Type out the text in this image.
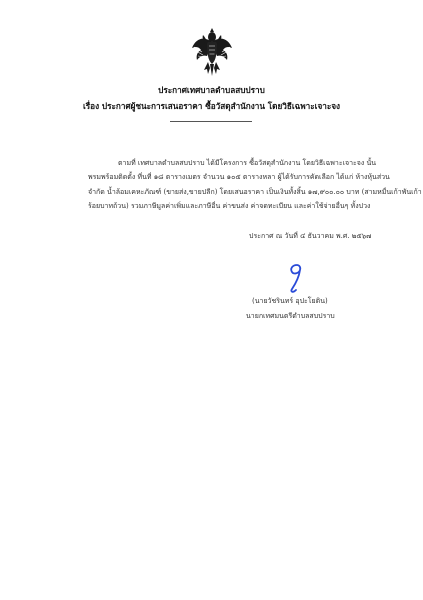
ประกาศเทศบาลตำบลสบปราบ
เรื่อง ประกาศผู้ชนะการเสนอราคา ซื้อวัสดุสำนักงาน โดยวิธีเฉพาะเจาะจง
ตามที่ เทศบาลตำบลสบปราบ ได้มีโครงการ ซื้อวัสดุสำนักงาน โดยวิธีเฉพาะเจาะจง นั้น
พรมพร้อมติดตั้ง ที่นที่ ๑๘ ตารางเมตร จำนวน ๑๐๕ ตารางหลา ผู้ได้รับการคัดเลือก ได้แก่ ห้างหุ้นส่วน
จำกัด น้ำล้อมเคหะภัณฑ์ (ขายส่ง,ขายปลีก) โดยเสนอราคา เป็นเงินทั้งสิ้น ๑๗,๙๐๐.๐๐ บาท (สามหมื่นเก้าพันเก้า
ร้อยบาทถ้วน) รวมภาษีมูลค่าเพิ่มและภาษีอื่น ค่าขนส่ง ค่าจดทะเบียน และค่าใช้จ่ายอื่นๆ ทั้งปวง
ประกาศ ณ วันที่ ๔ ธันวาคม พ.ศ. ๒๕๖๗
(นายวัชรินทร์ อุปะโยติน)
นายกเทศมนตรีตำบลสบปราบ
